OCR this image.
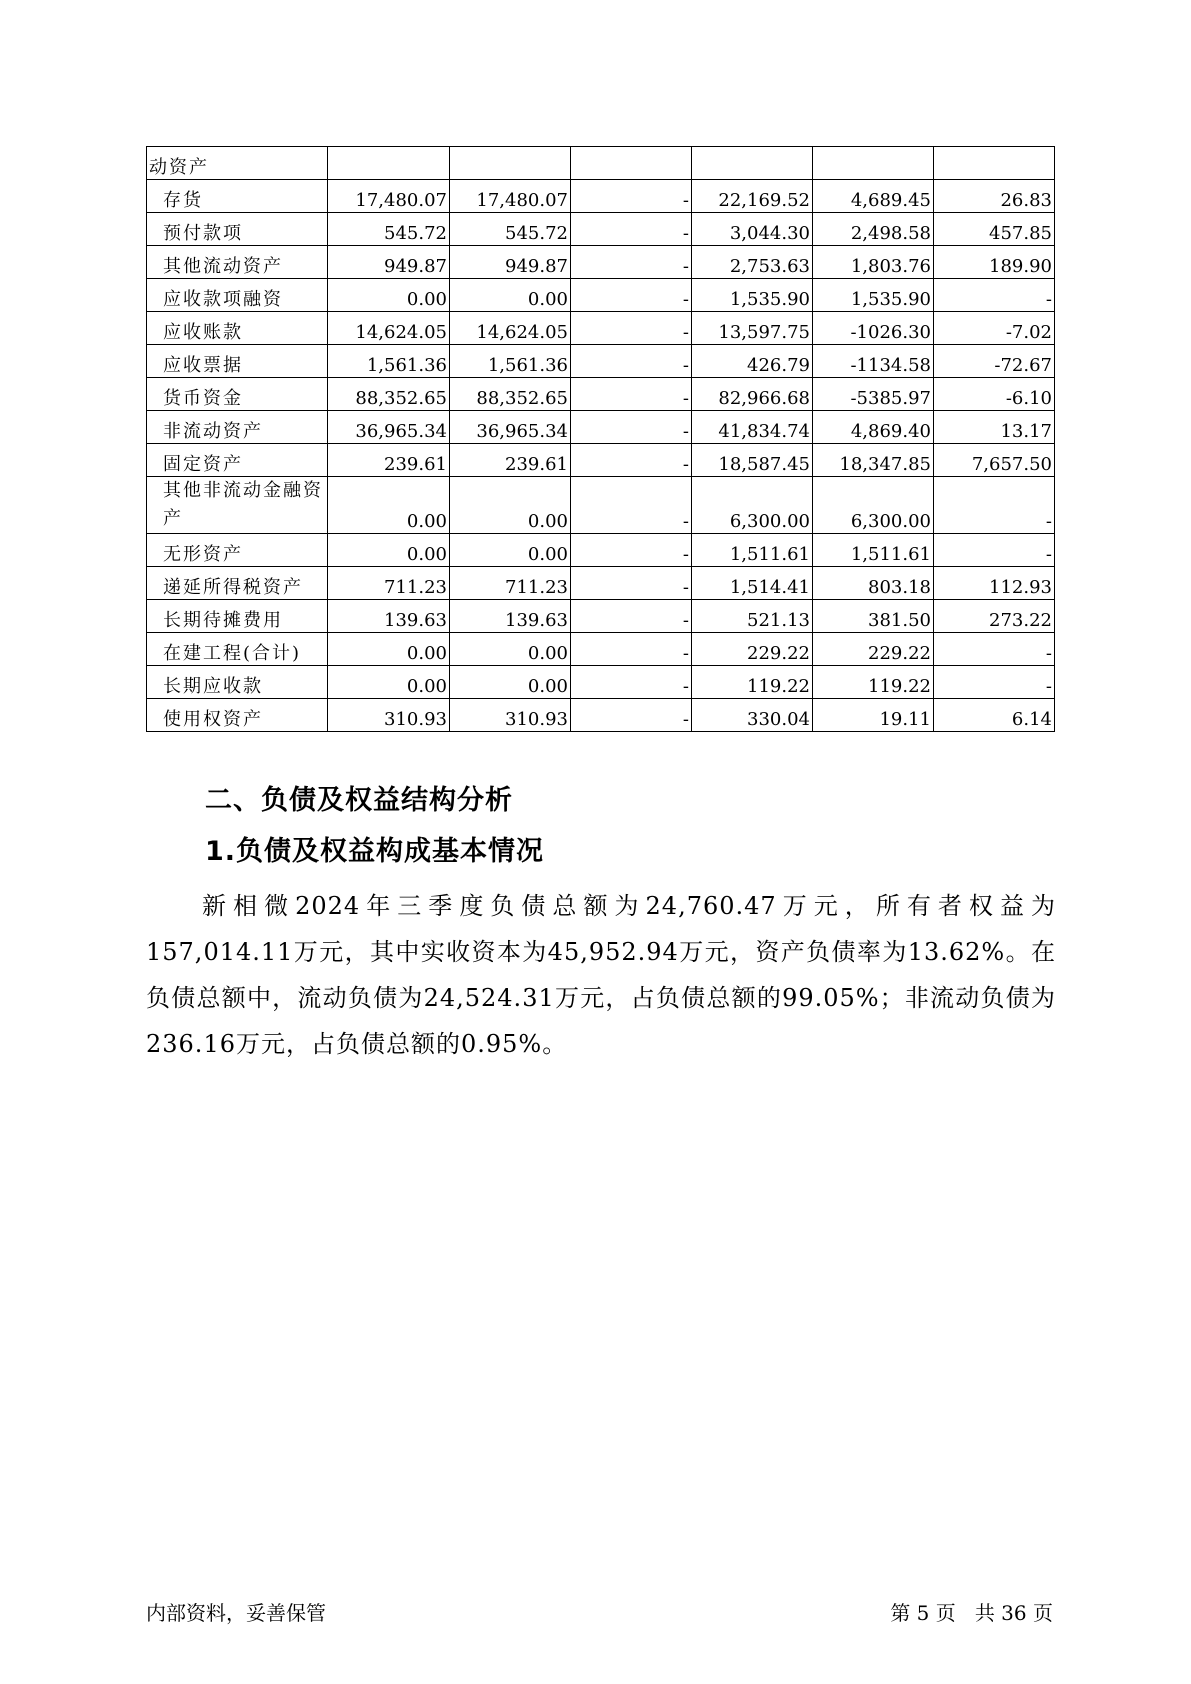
动资产						
存货	17,480.07	17,480.07	-	22,169.52	4,689.45	26.83
预付款项	545.72	545.72	-	3,044.30	2,498.58	457.85
其他流动资产	949.87	949.87	-	2,753.63	1,803.76	189.90
应收款项融资	0.00	0.00	-	1,535.90	1,535.90	-
应收账款	14,624.05	14,624.05	-	13,597.75	-1026.30	-7.02
应收票据	1,561.36	1,561.36	-	426.79	-1134.58	-72.67
货币资金	88,352.65	88,352.65	-	82,966.68	-5385.97	-6.10
非流动资产	36,965.34	36,965.34	-	41,834.74	4,869.40	13.17
固定资产	239.61	239.61	-	18,587.45	18,347.85	7,657.50
其他非流动金融资产	0.00	0.00	-	6,300.00	6,300.00	-
无形资产	0.00	0.00	-	1,511.61	1,511.61	-
递延所得税资产	711.23	711.23	-	1,514.41	803.18	112.93
长期待摊费用	139.63	139.63	-	521.13	381.50	273.22
在建工程(合计)	0.00	0.00	-	229.22	229.22	-
长期应收款	0.00	0.00	-	119.22	119.22	-
使用权资产	310.93	310.93	-	330.04	19.11	6.14
二、负债及权益结构分析
1.负债及权益构成基本情况

新相微2024年三季度负债总额为24,760.47万元，所有者权益为157,014.11万元，其中实收资本为45,952.94万元，资产负债率为13.62%。在负债总额中，流动负债为24,524.31万元，占负债总额的99.05%；非流动负债为236.16万元，占负债总额的0.95%。

内部资料，妥善保管	第 5 页   共 36 页
